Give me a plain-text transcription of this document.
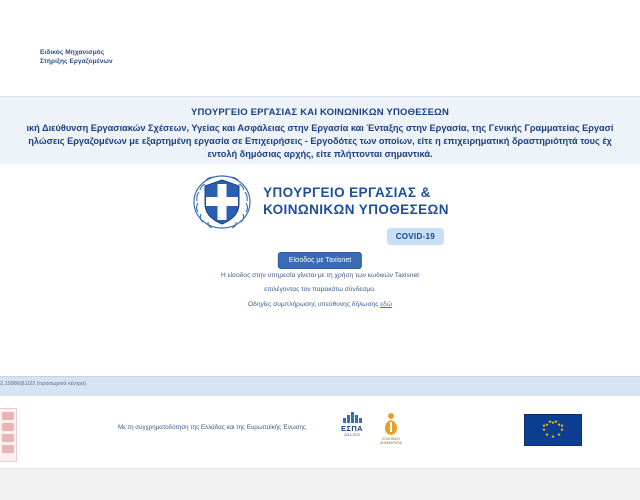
Ειδικός Μηχανισμός
Στήριξης Εργαζομένων
ΥΠΟΥΡΓΕΙΟ ΕΡΓΑΣΙΑΣ ΚΑΙ ΚΟΙΝΩΝΙΚΩΝ ΥΠΟΘΕΣΕΩΝ
ική Διεύθυνση Εργασιακών Σχέσεων, Υγείας και Ασφάλειας στην Εργασία και Ένταξης στην Εργασία, της Γενικής Γραμματείας Εργασί
ηλώσεις Εργαζομένων με εξαρτημένη εργασία σε Επιχειρήσεις - Εργοδότες των οποίων, είτε η επιχειρηματική δραστηριότητά τους έχ
εντολή δημόσιας αρχής, είτε πλήττονται σημαντικά.
ΥΠΟΥΡΓΕΙΟ ΕΡΓΑΣΙΑΣ &
ΚΟΙΝΩΝΙΚΩΝ ΥΠΟΘΕΣΕΩΝ
COVID-19
Είσοδος με Taxisnet
Η είσοδος στην υπηρεσία γίνεται με τη χρήση των κωδικών Taxisnet
επιλέγοντας τον παρακάτω σύνδεσμο.
Οδηγίες συμπλήρωσης υπεύθυνης δήλωσης εδώ
2.10986/β1/22 (προσωρινό κέντρο)
Με τη συγχρηματοδότηση της Ελλάδας και της Ευρωπαϊκής Ένωσης	ΕΣΠΑ
2014-2020
ΕΛΛΗΝΙΚΗ ΔΗΜΟΚΡΑΤΙΑ
★ ★
★
★
★
★
★
★
★ ★
★
★
